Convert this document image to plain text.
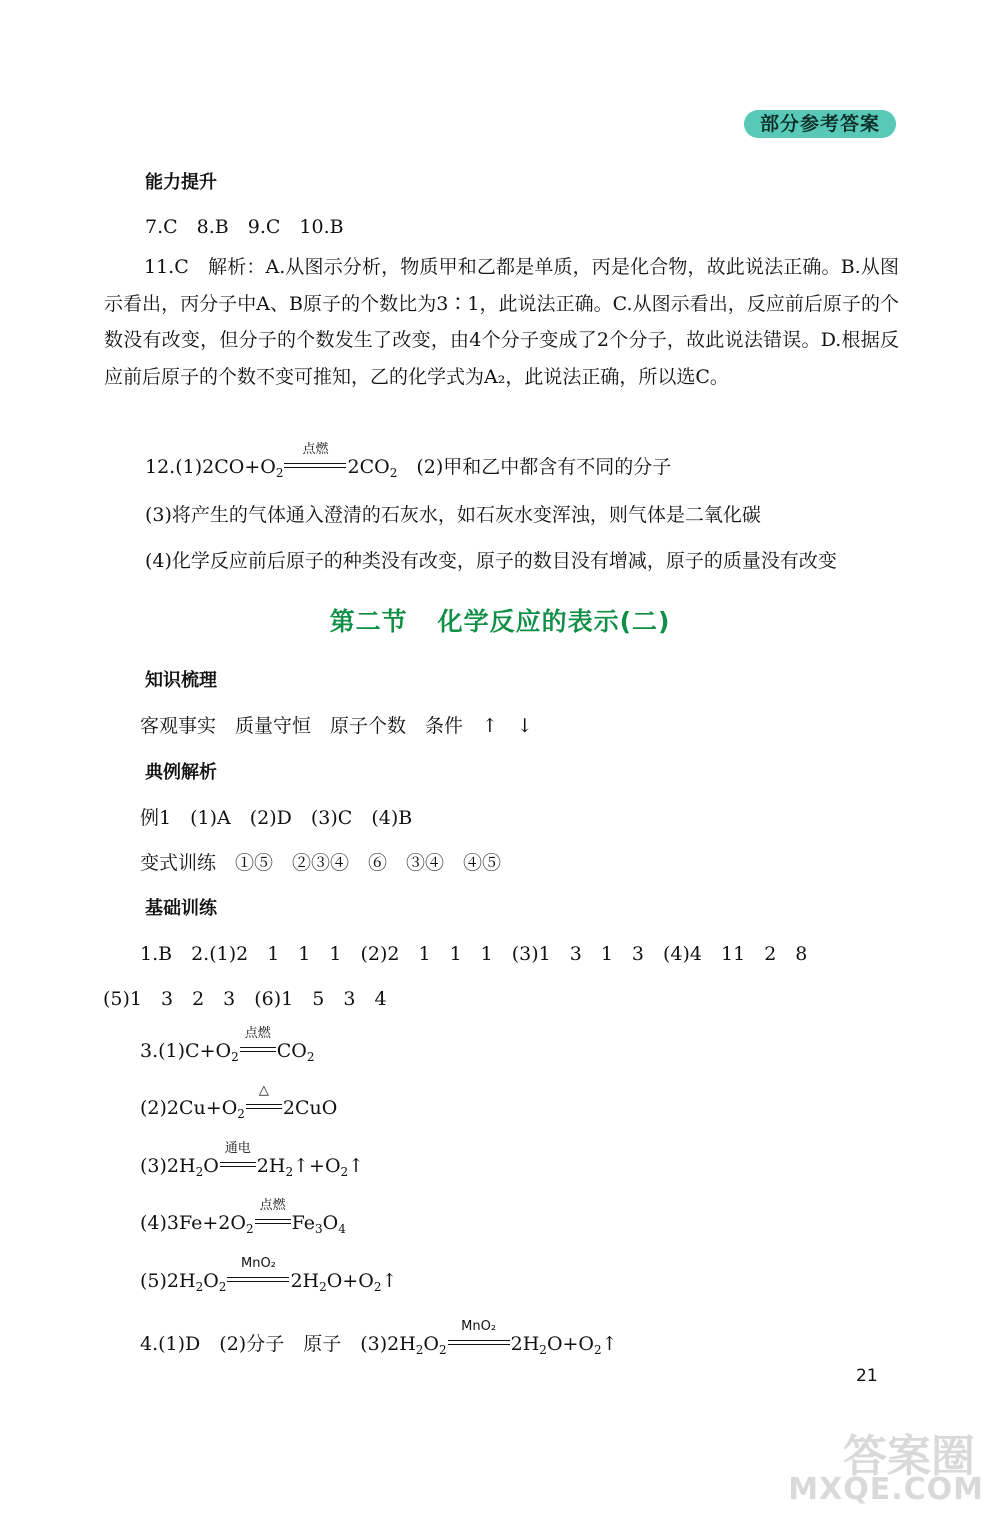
部分参考答案
能力提升
7.C　8.B　9.C　10.B
11.C　解析：A.从图示分析，物质甲和乙都是单质，丙是化合物，故此说法正确。B.从图示看出，丙分子中A、B原子的个数比为3∶1，此说法正确。C.从图示看出，反应前后原子的个数没有改变，但分子的个数发生了改变，由4个分子变成了2个分子，故此说法错误。D.根据反应前后原子的个数不变可推知，乙的化学式为A₂，此说法正确，所以选C。
$12.(1)2CO+O_2$
点燃
$2CO_2$　 (2)甲和乙中都含有不同的分子
(3)将产生的气体通入澄清的石灰水，如石灰水变浑浊，则气体是二氧化碳
(4)化学反应前后原子的种类没有改变，原子的数目没有增减，原子的质量没有改变
第二节 化学反应的表示(二)
知识梳理
客观事实　质量守恒　原子个数　条件　↑　↓
典例解析
例1　(1)A　(2)D　(3)C　(4)B
变式训练　①⑤　②③④　⑥　③④　④⑤
基础训练
1.B　2.(1)2　1　1　1　(2)2　1　1　1　(3)1　3　1　3　(4)4　11　2　8
(5)1　3　2　3　(6)1　5　3　4
$3.(1)C+O_2$
点燃
$CO_2$
$(2)2Cu+O_2$
△
2CuO
$(3)2H_2O$
通电
$2H_2↑+O_2↑$
$(4)3Fe+2O_2$
点燃
$Fe_3O_4$
$(5)2H_2O_2$
MnO₂
$2H_2O+O_2↑$
4.(1)D　(2)分子　原子　$(3)2H_2O_2$
MnO₂
$2H_2O+O_2↑$
21
答案圈
MXQE.COM
